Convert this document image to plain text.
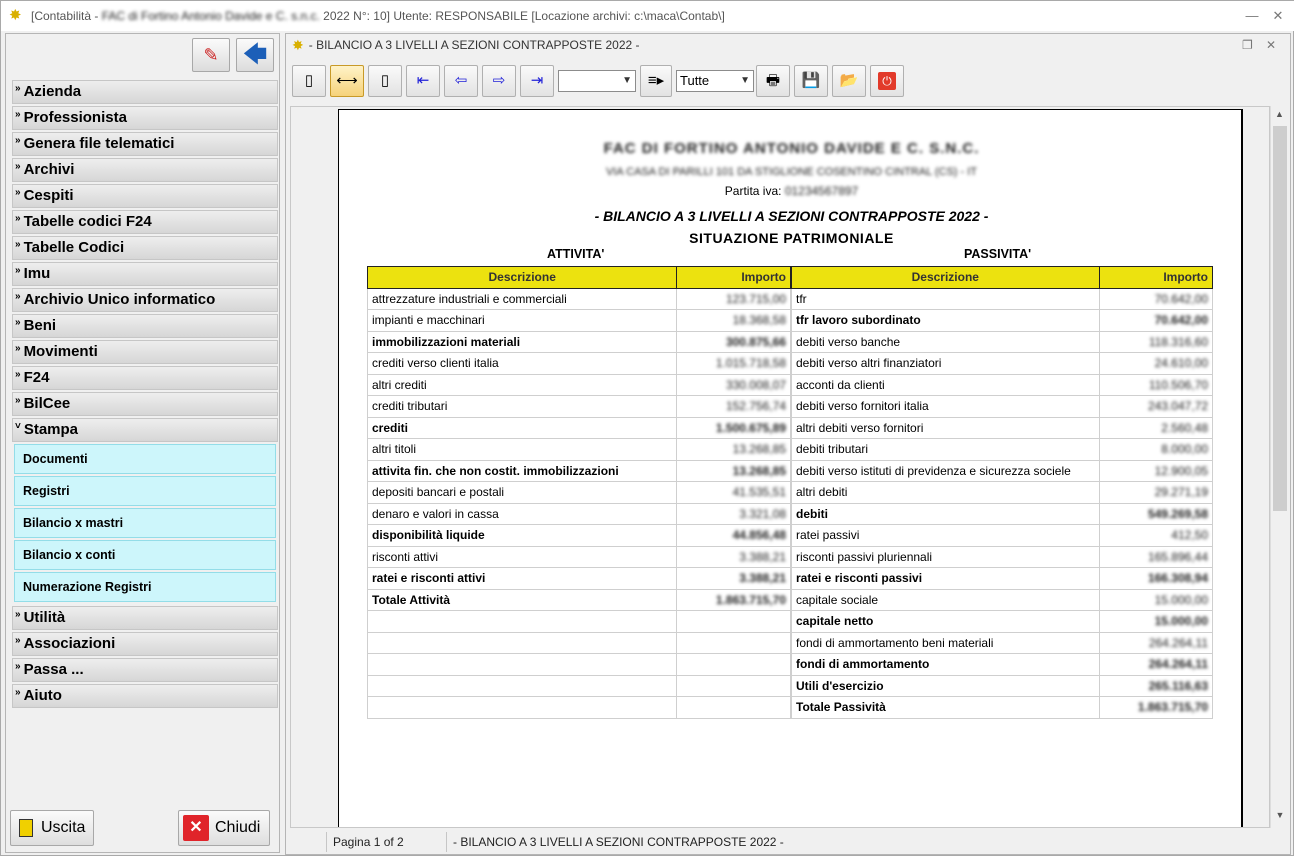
✸ [Contabilità - FAC di Fortino Antonio Davide e C. s.n.c. 2022 N°: 10] Utente: RESPONSABILE [Locazione archivi: c:\maca\Contab\]	—	✕
✎	🡄
» Azienda
» Professionista
» Genera file telematici
» Archivi
» Cespiti
» Tabelle codici F24
» Tabelle Codici
» Imu
» Archivio Unico informatico
» Beni
» Movimenti
» F24
» BilCee
˅ Stampa
Documenti
Registri
Bilancio x mastri
Bilancio x conti
Numerazione Registri
» Utilità
» Associazioni
» Passa ...
» Aiuto
Uscita	✕ Chiudi
✸ - BILANCIO A 3 LIVELLI A SEZIONI CONTRAPPOSTE 2022 -	❐ ✕
▯	⟷	▯	⇤	⇦	⇨	⇥	▼	≡▸	Tutte	▼	🖶	💾	📂	⏻
FAC DI FORTINO ANTONIO DAVIDE E C. S.N.C.
VIA CASA DI PARILLI 101 DA STIGLIONE COSENTINO CINTRAL (CS) - IT
Partita iva: 01234567897
- BILANCIO A 3 LIVELLI A SEZIONI CONTRAPPOSTE 2022 -
SITUAZIONE PATRIMONIALE
ATTIVITA'	PASSIVITA'
Descrizione	Importo
attrezzature industriali e commerciali	123.715,00
impianti e macchinari	18.368,58
immobilizzazioni materiali	300.875,66
crediti verso clienti italia	1.015.718,58
altri crediti	330.008,07
crediti tributari	152.756,74
crediti	1.500.675,89
altri titoli	13.268,85
attivita fin. che non costit. immobilizzazioni	13.268,85
depositi bancari e postali	41.535,51
denaro e valori in cassa	3.321,08
disponibilità liquide	44.856,48
risconti attivi	3.388,21
ratei e risconti attivi	3.388,21
Totale Attività	1.863.715,70

Descrizione	Importo
tfr	70.642,00
tfr lavoro subordinato	70.642,00
debiti verso banche	118.316,60
debiti verso altri finanziatori	24.610,00
acconti da clienti	110.506,70
debiti verso fornitori italia	243.047,72
altri debiti verso fornitori	2.560,48
debiti tributari	8.000,00
debiti verso istituti di previdenza e sicurezza sociele	12.900,05
altri debiti	29.271,19
debiti	549.269,58
ratei passivi	412,50
risconti passivi pluriennali	165.896,44
ratei e risconti passivi	166.308,94
capitale sociale	15.000,00
capitale netto	15.000,00
fondi di ammortamento beni materiali	264.264,11
fondi di ammortamento	264.264,11
Utili d'esercizio	265.116,63
Totale Passività	1.863.715,70
▲
▼
Pagina 1 of 2	- BILANCIO A 3 LIVELLI A SEZIONI CONTRAPPOSTE 2022 -
